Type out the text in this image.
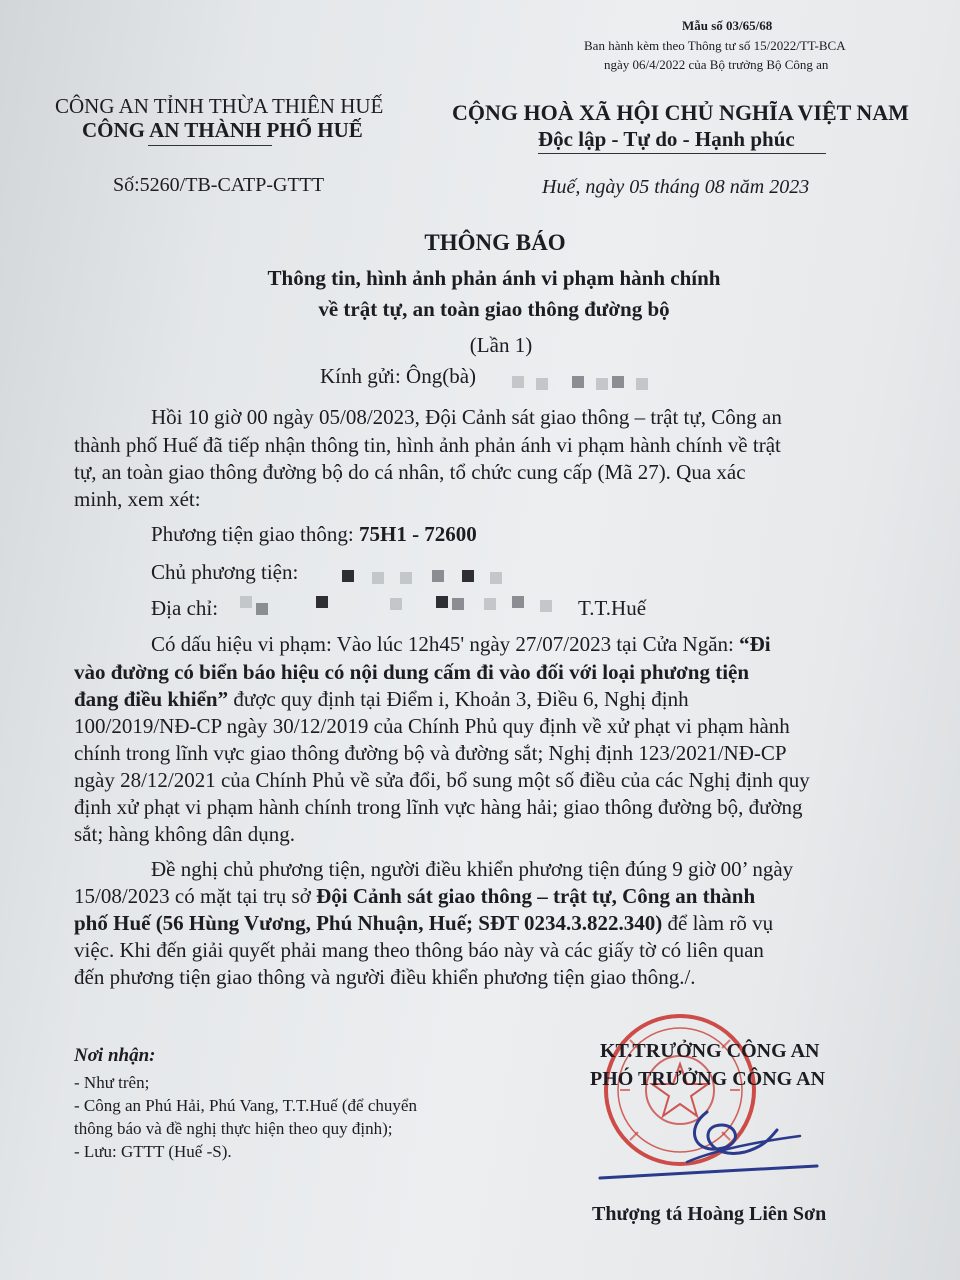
Mẫu số 03/65/68
Ban hành kèm theo Thông tư số 15/2022/TT-BCA
ngày 06/4/2022 của Bộ trưởng Bộ Công an
CÔNG AN TỈNH THỪA THIÊN HUẾ
CÔNG AN THÀNH PHỐ HUẾ
CỘNG HOÀ XÃ HỘI CHỦ NGHĨA VIỆT NAM
Độc lập - Tự do - Hạnh phúc
Số:5260/TB-CATP-GTTT	Huế, ngày 05 tháng 08 năm 2023
THÔNG BÁO
Thông tin, hình ảnh phản ánh vi phạm hành chính
về trật tự, an toàn giao thông đường bộ
(Lần 1)
Kính gửi: Ông(bà)
Hồi 10 giờ 00 ngày 05/08/2023, Đội Cảnh sát giao thông – trật tự, Công an
thành phố Huế đã tiếp nhận thông tin, hình ảnh phản ánh vi phạm hành chính về trật
tự, an toàn giao thông đường bộ do cá nhân, tổ chức cung cấp (Mã 27). Qua xác
minh, xem xét:
Phương tiện giao thông: 75H1 - 72600
Chủ phương tiện:
Địa chỉ:	T.T.Huế
Có dấu hiệu vi phạm: Vào lúc 12h45' ngày 27/07/2023 tại Cửa Ngăn: “Đi
vào đường có biển báo hiệu có nội dung cấm đi vào đối với loại phương tiện
đang điều khiển” được quy định tại Điểm i, Khoản 3, Điều 6, Nghị định
100/2019/NĐ-CP ngày 30/12/2019 của Chính Phủ quy định về xử phạt vi phạm hành
chính trong lĩnh vực giao thông đường bộ và đường sắt; Nghị định 123/2021/NĐ-CP
ngày 28/12/2021 của Chính Phủ về sửa đổi, bổ sung một số điều của các Nghị định quy
định xử phạt vi phạm hành chính trong lĩnh vực hàng hải; giao thông đường bộ, đường
sắt; hàng không dân dụng.
Đề nghị chủ phương tiện, người điều khiển phương tiện đúng 9 giờ 00’ ngày
15/08/2023 có mặt tại trụ sở Đội Cảnh sát giao thông – trật tự, Công an thành
phố Huế (56 Hùng Vương, Phú Nhuận, Huế; SĐT 0234.3.822.340) để làm rõ vụ
việc. Khi đến giải quyết phải mang theo thông báo này và các giấy tờ có liên quan
đến phương tiện giao thông và người điều khiển phương tiện giao thông./.
Nơi nhận:
- Như trên;
- Công an Phú Hải, Phú Vang, T.T.Huế (để chuyển
thông báo và đề nghị thực hiện theo quy định);
- Lưu: GTTT (Huế -S).
KT.TRƯỞNG CÔNG AN
PHÓ TRƯỞNG CÔNG AN
Thượng tá Hoàng Liên Sơn
